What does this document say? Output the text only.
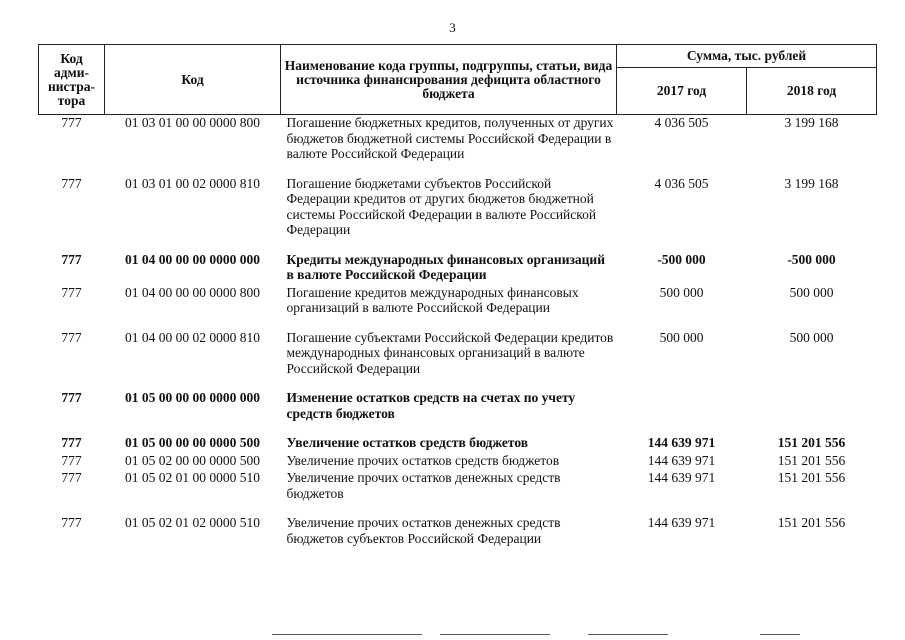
3
Код адми-нистра-тора	Код	Наименование кода группы, подгруппы, статьи, вида источника финансирования дефицита областного бюджета	Сумма, тыс. рублей	
			2017 год	2018 год
777	01 03 01 00 00 0000 800	Погашение бюджетных кредитов, полученных от других бюджетов бюджетной системы Российской Федерации в валюте Российской Федерации	4 036 505	3 199 168
777	01 03 01 00 02 0000 810	Погашение бюджетами субъектов Российской Федерации кредитов от других бюджетов бюджетной системы Российской Федерации в валюте Российской Федерации	4 036 505	3 199 168
777	01 04 00 00 00 0000 000	Кредиты международных финансовых организаций в валюте Российской Федерации	-500 000	-500 000
777	01 04 00 00 00 0000 800	Погашение кредитов международных финансовых организаций в валюте Российской Федерации	500 000	500 000
777	01 04 00 00 02 0000 810	Погашение субъектами Российской Федерации кредитов международных финансовых организаций в валюте Российской Федерации	500 000	500 000
777	01 05 00 00 00 0000 000	Изменение остатков средств на счетах по учету средств бюджетов		
777	01 05 00 00 00 0000 500	Увеличение остатков средств бюджетов	144 639 971	151 201 556
777	01 05 02 00 00 0000 500	Увеличение прочих остатков средств бюджетов	144 639 971	151 201 556
777	01 05 02 01 00 0000 510	Увеличение прочих остатков денежных средств бюджетов	144 639 971	151 201 556
777	01 05 02 01 02 0000 510	Увеличение прочих остатков денежных средств бюджетов субъектов Российской Федерации	144 639 971	151 201 556
